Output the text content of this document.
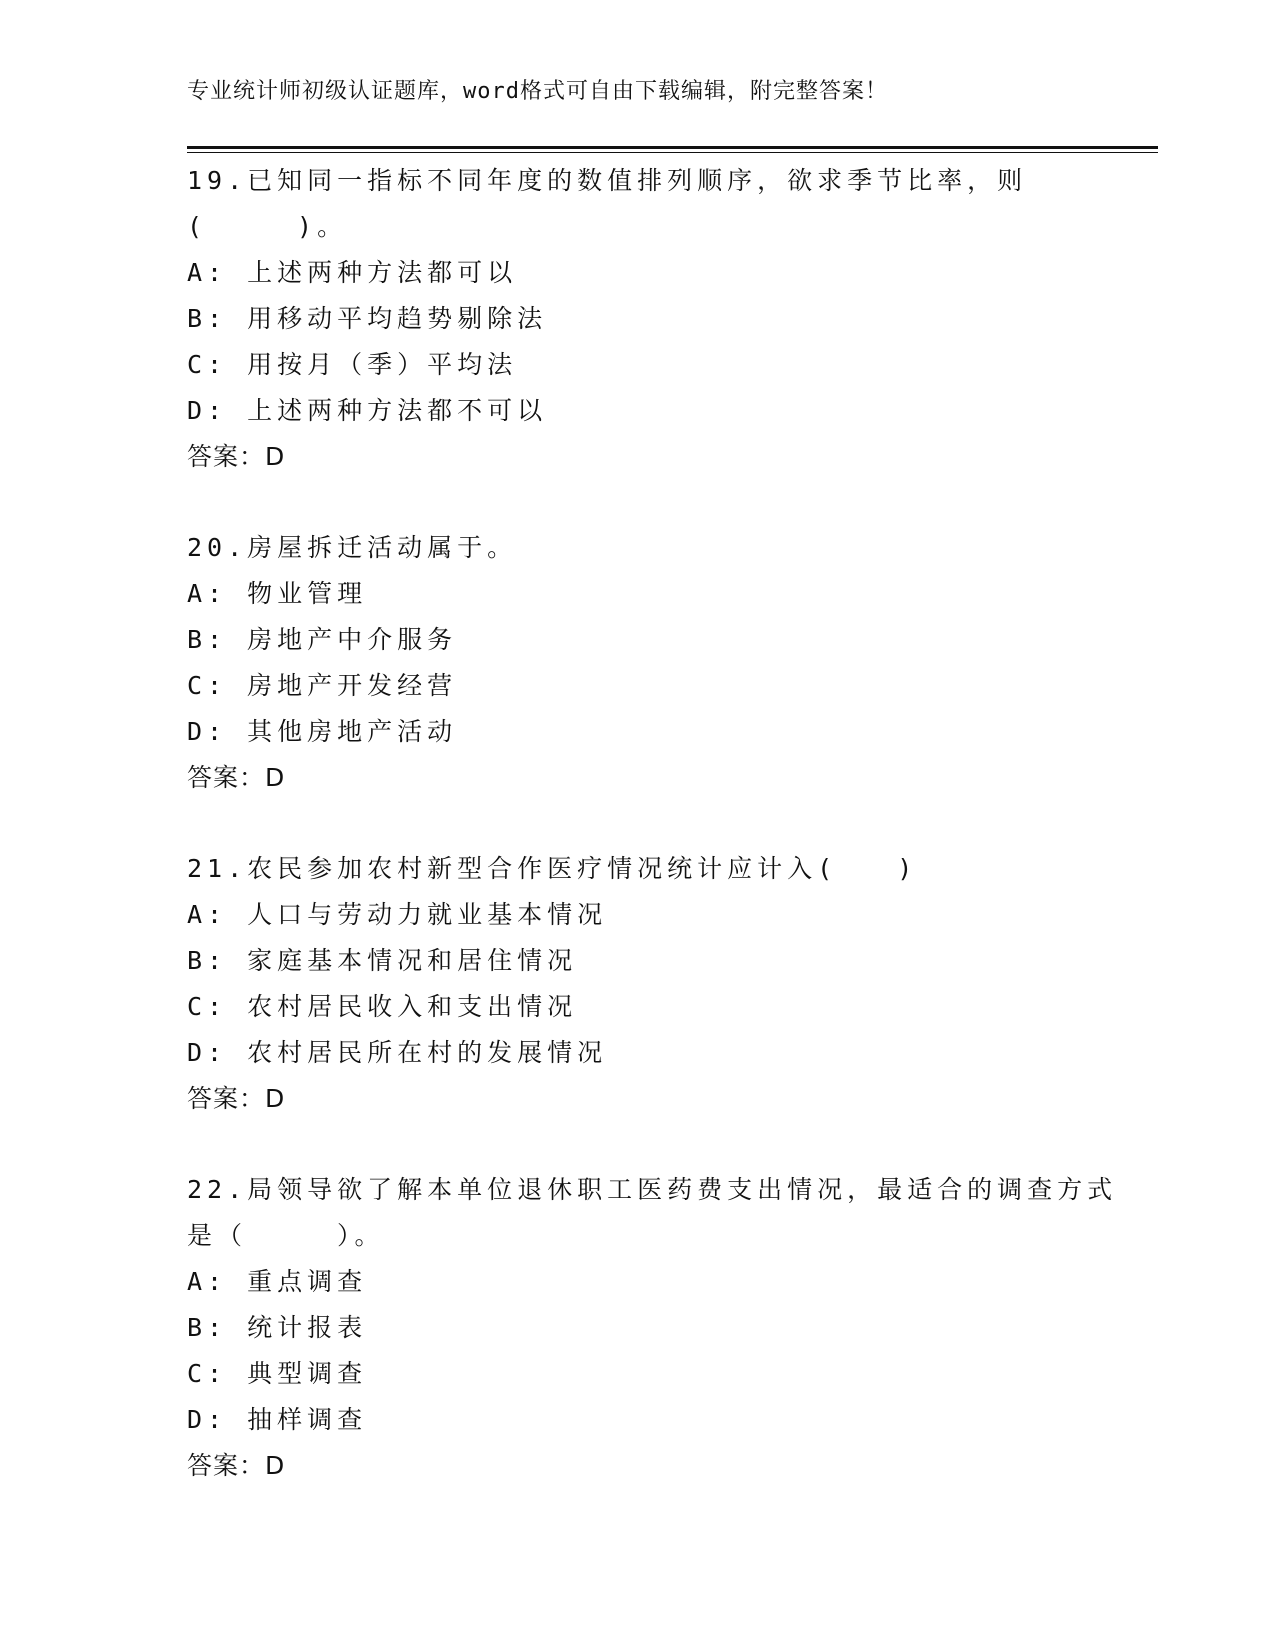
专业统计师初级认证题库，word格式可自由下载编辑，附完整答案！
19.已知同一指标不同年度的数值排列顺序，欲求季节比率，则
(　　　)。
A: 上述两种方法都可以
B: 用移动平均趋势剔除法
C: 用按月（季）平均法
D: 上述两种方法都不可以
答案：D
20.房屋拆迁活动属于。
A: 物业管理
B: 房地产中介服务
C: 房地产开发经营
D: 其他房地产活动
答案：D
21.农民参加农村新型合作医疗情况统计应计入(　　)
A: 人口与劳动力就业基本情况
B: 家庭基本情况和居住情况
C: 农村居民收入和支出情况
D: 农村居民所在村的发展情况
答案：D
22.局领导欲了解本单位退休职工医药费支出情况，最适合的调查方式
是（　　　）。
A: 重点调查
B: 统计报表
C: 典型调查
D: 抽样调查
答案：D
